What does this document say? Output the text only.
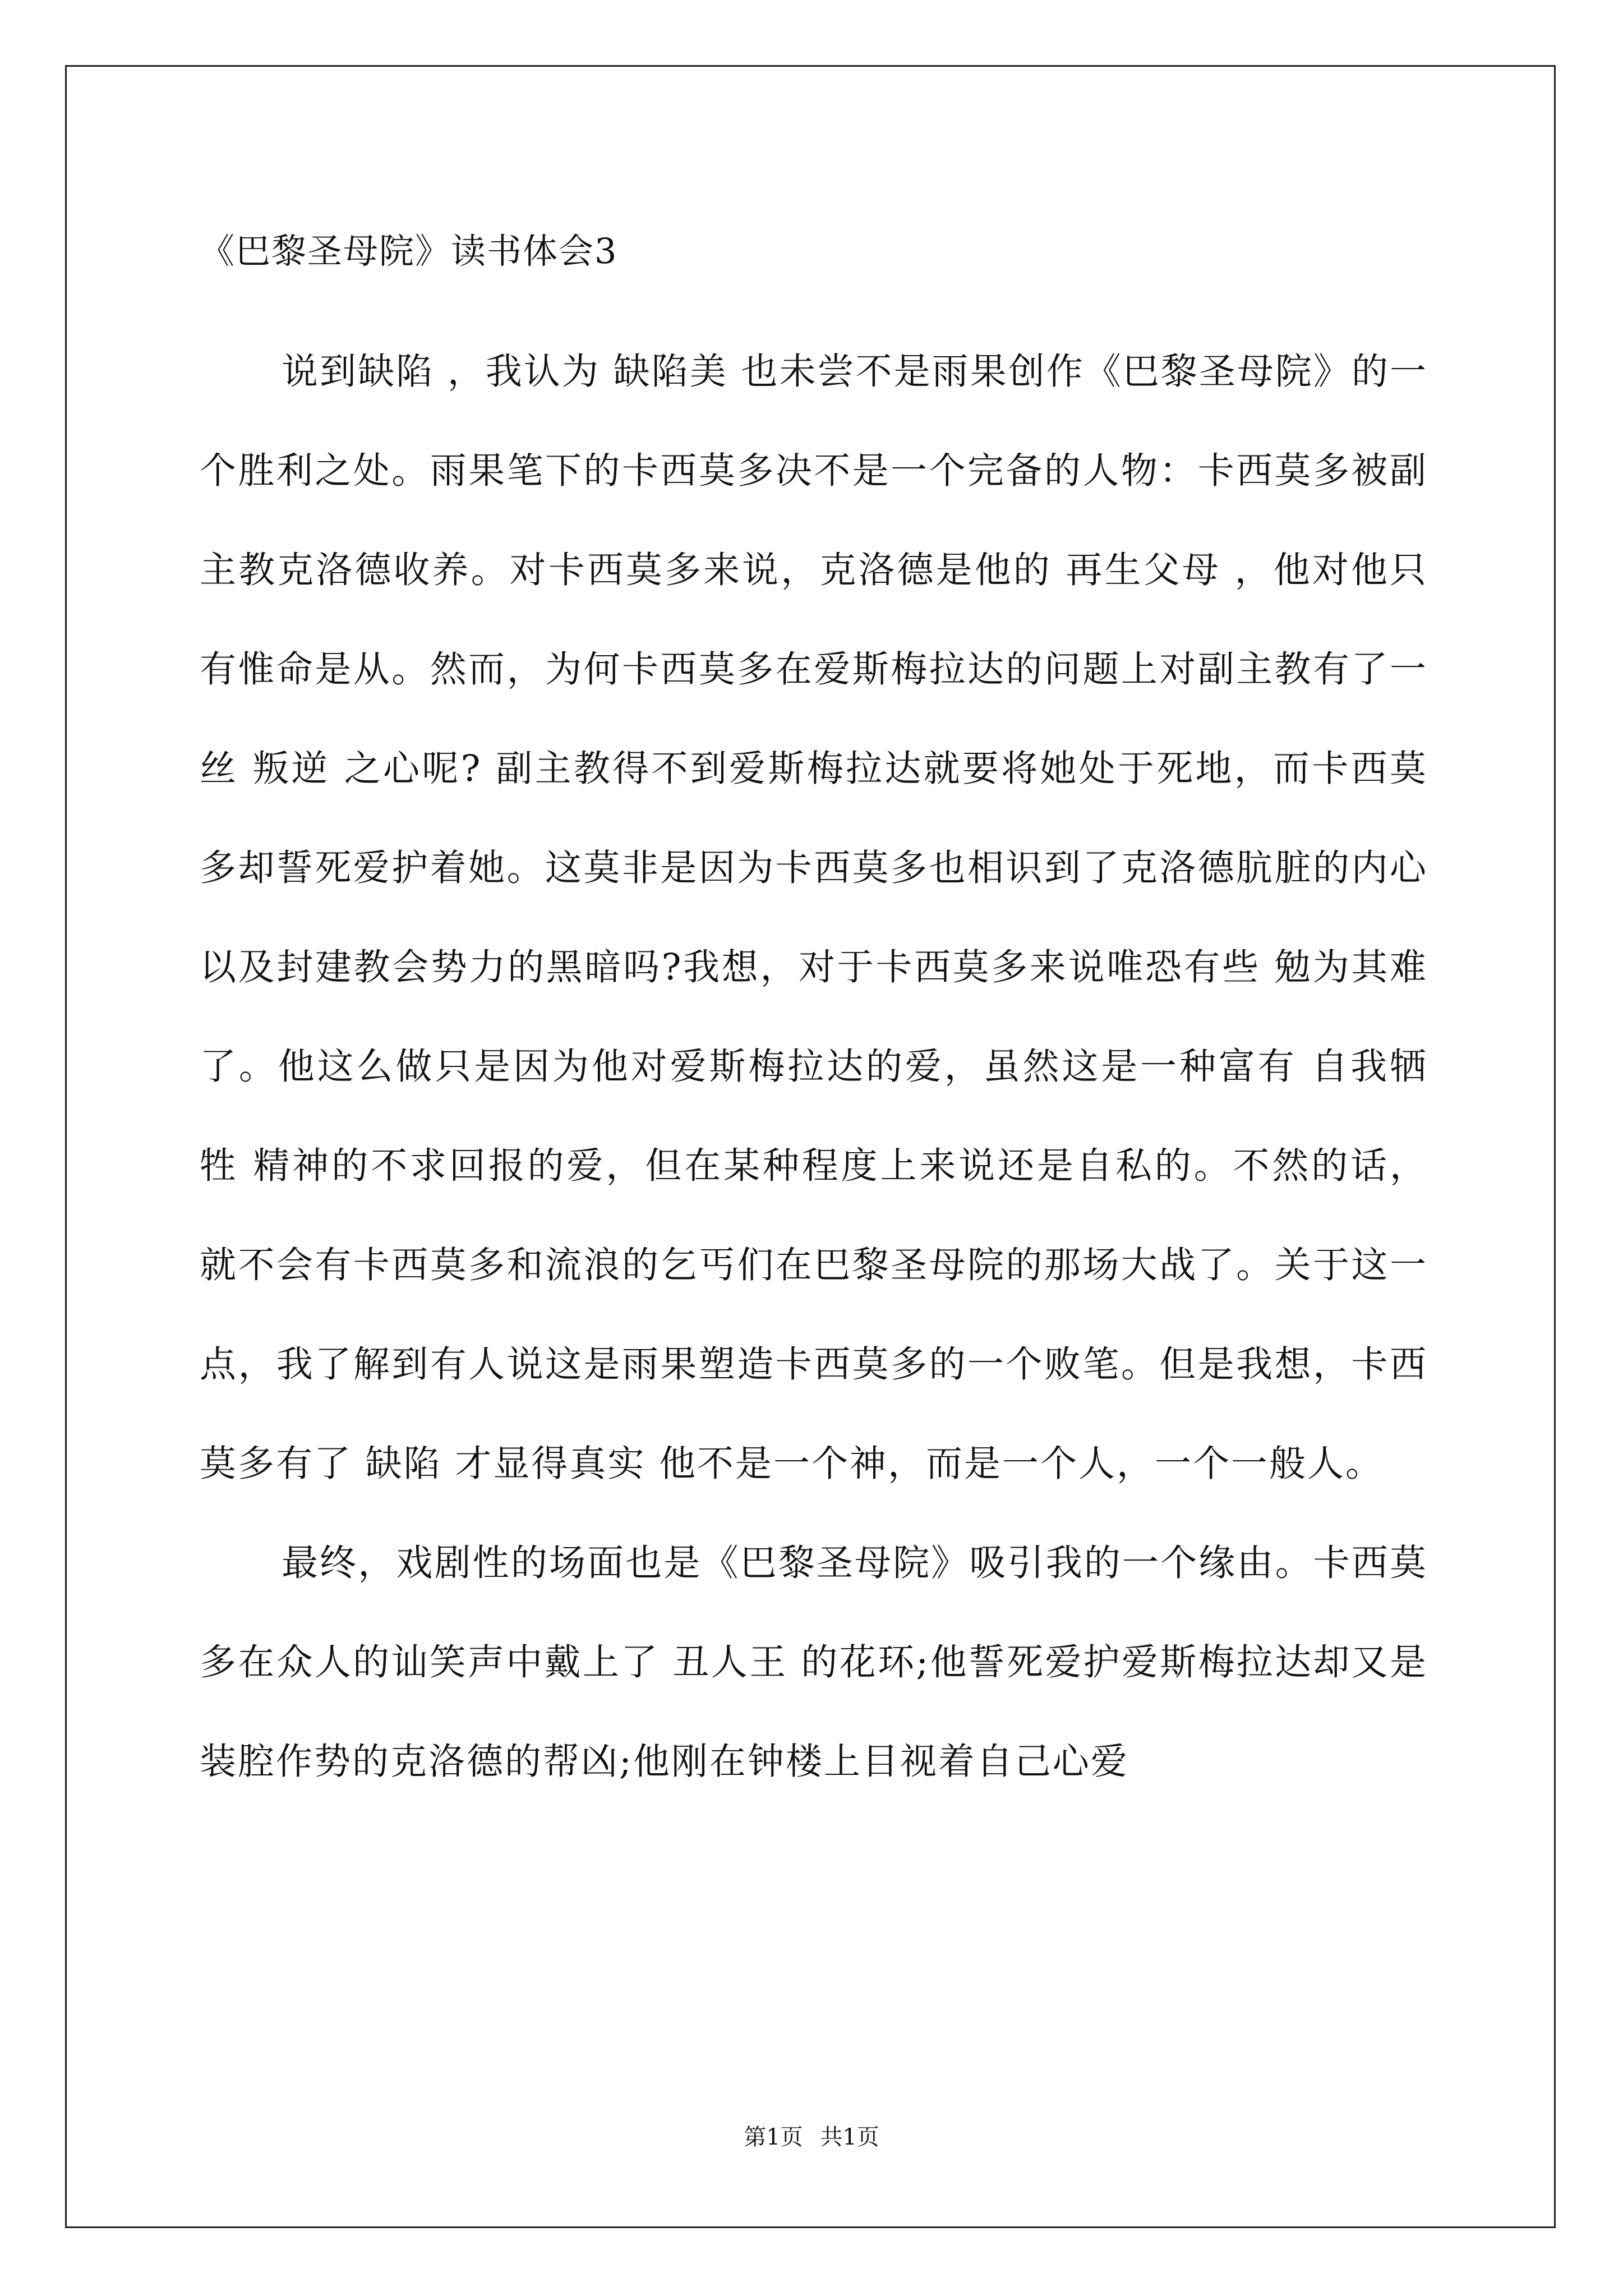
《巴黎圣母院》读书体会3

说到缺陷 ，我认为 缺陷美 也未尝不是雨果创作《巴黎圣母院》的一个胜利之处。雨果笔下的卡西莫多决不是一个完备的人物：卡西莫多被副主教克洛德收养。对卡西莫多来说，克洛德是他的 再生父母 ，他对他只有惟命是从。然而，为何卡西莫多在爱斯梅拉达的问题上对副主教有了一丝 叛逆 之心呢? 副主教得不到爱斯梅拉达就要将她处于死地，而卡西莫多却誓死爱护着她。这莫非是因为卡西莫多也相识到了克洛德肮脏的内心以及封建教会势力的黑暗吗?我想，对于卡西莫多来说唯恐有些 勉为其难 了。他这么做只是因为他对爱斯梅拉达的爱，虽然这是一种富有 自我牺牲 精神的不求回报的爱，但在某种程度上来说还是自私的。不然的话，就不会有卡西莫多和流浪的乞丐们在巴黎圣母院的那场大战了。关于这一点，我了解到有人说这是雨果塑造卡西莫多的一个败笔。但是我想，卡西莫多有了 缺陷 才显得真实 他不是一个神，而是一个人，一个一般人。

最终，戏剧性的场面也是《巴黎圣母院》吸引我的一个缘由。卡西莫多在众人的讪笑声中戴上了 丑人王 的花环;他誓死爱护爱斯梅拉达却又是装腔作势的克洛德的帮凶;他刚在钟楼上目视着自己心爱

第1页 共1页
